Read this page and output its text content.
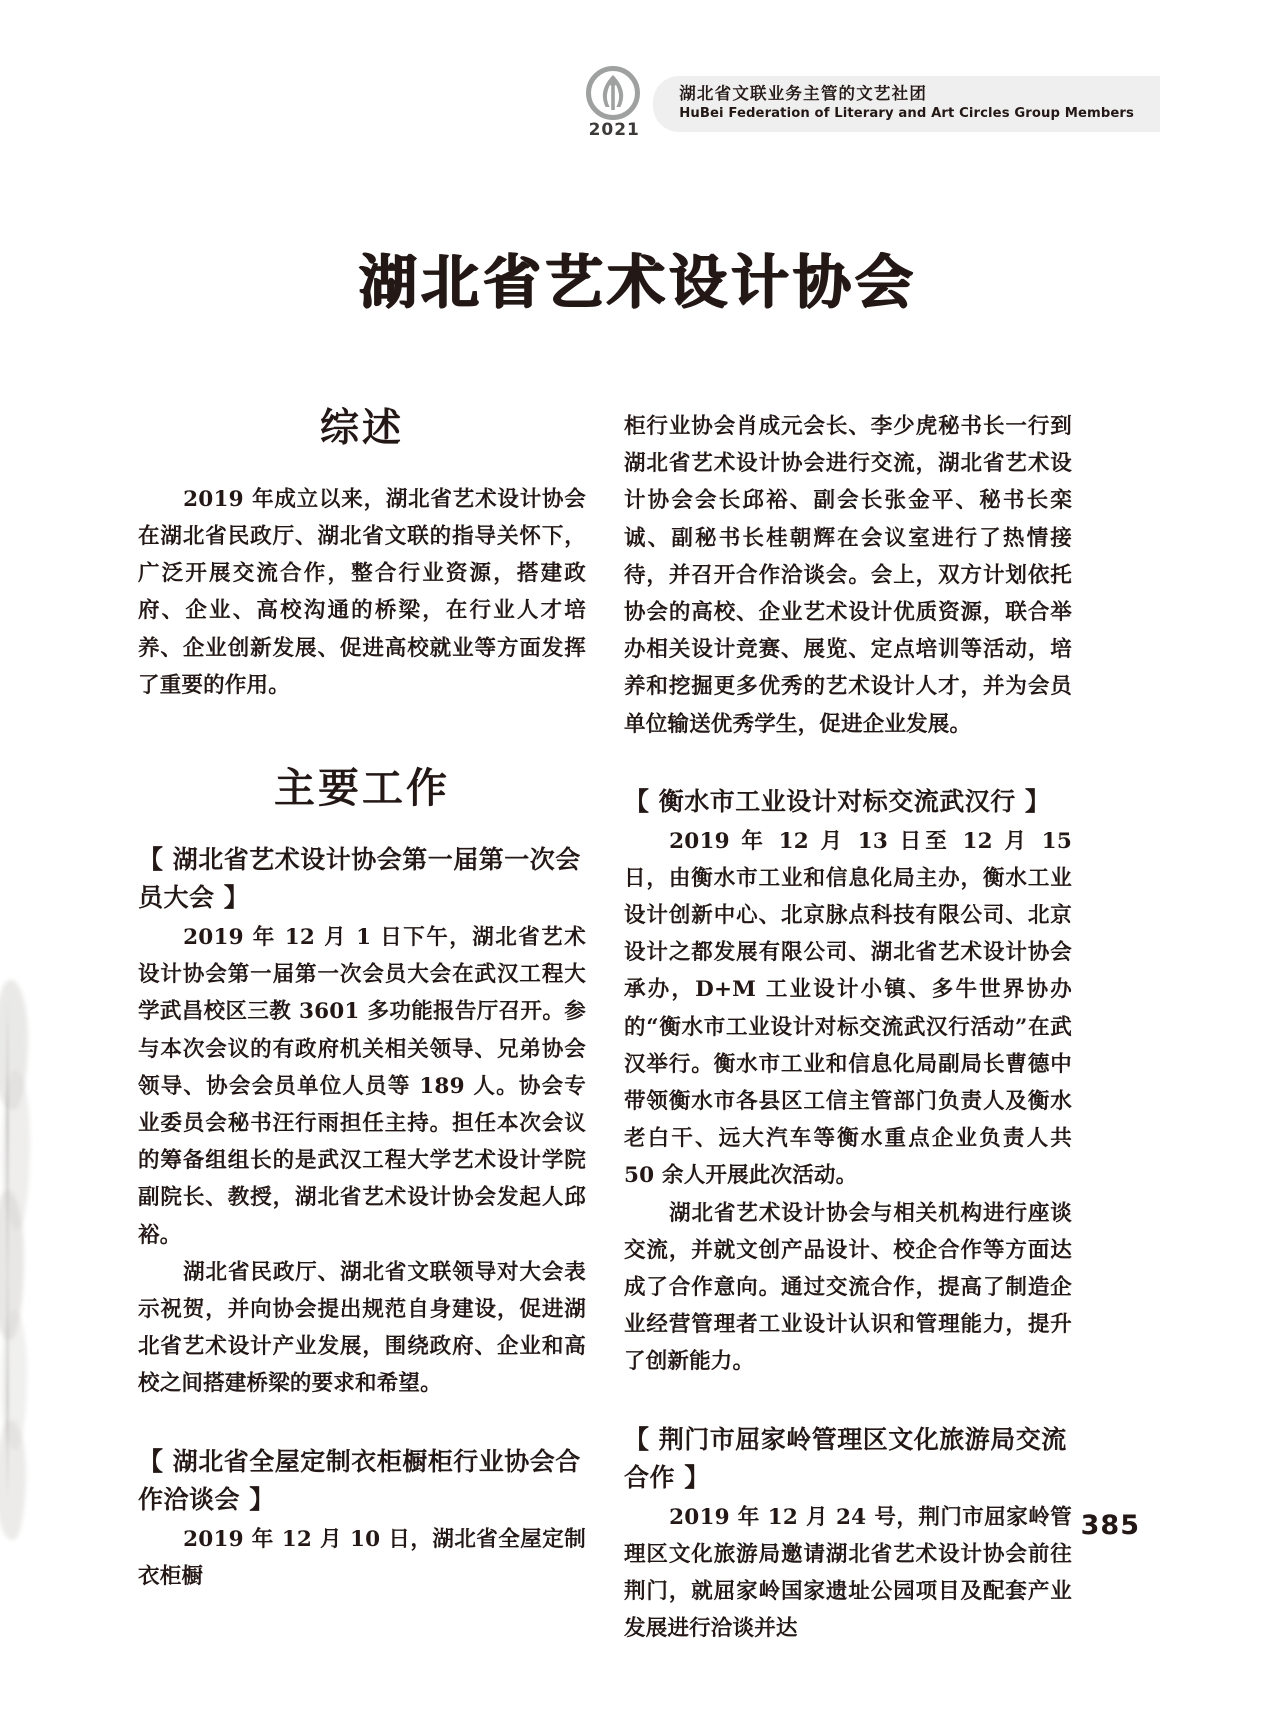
2021
湖北省文联业务主管的文艺社团
HuBei Federation of Literary and Art Circles Group Members
湖北省艺术设计协会
综述

2019 年成立以来，湖北省艺术设计协会在湖北省民政厅、湖北省文联的指导关怀下，广泛开展交流合作，整合行业资源，搭建政府、企业、高校沟通的桥梁，在行业人才培养、企业创新发展、促进高校就业等方面发挥了重要的作用。

主要工作
【 湖北省艺术设计协会第一届第一次会员大会 】

2019 年 12 月 1 日下午，湖北省艺术设计协会第一届第一次会员大会在武汉工程大学武昌校区三教 3601 多功能报告厅召开。参与本次会议的有政府机关相关领导、兄弟协会领导、协会会员单位人员等 189 人。协会专业委员会秘书汪行雨担任主持。担任本次会议的筹备组组长的是武汉工程大学艺术设计学院副院长、教授，湖北省艺术设计协会发起人邱裕。

湖北省民政厅、湖北省文联领导对大会表示祝贺，并向协会提出规范自身建设，促进湖北省艺术设计产业发展，围绕政府、企业和高校之间搭建桥梁的要求和希望。

【 湖北省全屋定制衣柜橱柜行业协会合作洽谈会 】

2019 年 12 月 10 日，湖北省全屋定制衣柜橱

柜行业协会肖成元会长、李少虎秘书长一行到湖北省艺术设计协会进行交流，湖北省艺术设计协会会长邱裕、副会长张金平、秘书长栾诚、副秘书长桂朝辉在会议室进行了热情接待，并召开合作洽谈会。会上，双方计划依托协会的高校、企业艺术设计优质资源，联合举办相关设计竞赛、展览、定点培训等活动，培养和挖掘更多优秀的艺术设计人才，并为会员单位输送优秀学生，促进企业发展。

【 衡水市工业设计对标交流武汉行 】

2019 年 12 月 13 日至 12 月 15 日，由衡水市工业和信息化局主办，衡水工业设计创新中心、北京脉点科技有限公司、北京设计之都发展有限公司、湖北省艺术设计协会承办，D+M 工业设计小镇、多牛世界协办的“衡水市工业设计对标交流武汉行活动”在武汉举行。衡水市工业和信息化局副局长曹德中带领衡水市各县区工信主管部门负责人及衡水老白干、远大汽车等衡水重点企业负责人共 50 余人开展此次活动。

湖北省艺术设计协会与相关机构进行座谈交流，并就文创产品设计、校企合作等方面达成了合作意向。通过交流合作，提高了制造企业经营管理者工业设计认识和管理能力，提升了创新能力。

【 荆门市屈家岭管理区文化旅游局交流合作 】

2019 年 12 月 24 号，荆门市屈家岭管理区文化旅游局邀请湖北省艺术设计协会前往荆门，就屈家岭国家遗址公园项目及配套产业发展进行洽谈并达

385
